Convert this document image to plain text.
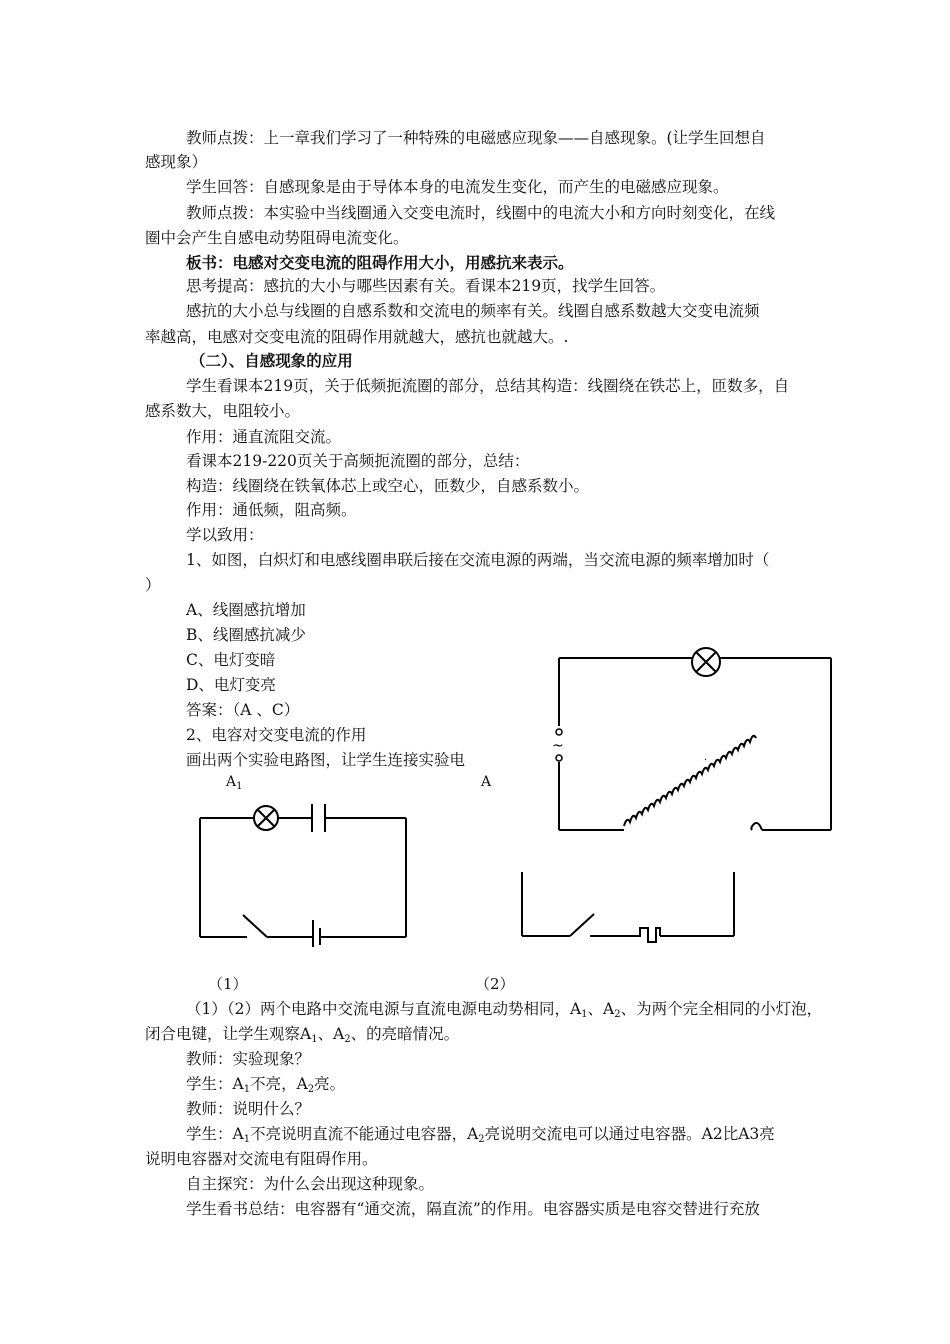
教师点拨：上一章我们学习了一种特殊的电磁感应现象——自感现象。(让学生回想自
感现象）
学生回答：自感现象是由于导体本身的电流发生变化，而产生的电磁感应现象。
教师点拨：本实验中当线圈通入交变电流时，线圈中的电流大小和方向时刻变化，在线
圈中会产生自感电动势阻碍电流变化。
板书：电感对交变电流的阻碍作用大小，用感抗来表示。
思考提高：感抗的大小与哪些因素有关。看课本219页，找学生回答。
感抗的大小总与线圈的自感系数和交流电的频率有关。线圈自感系数越大交变电流频
率越高，电感对交变电流的阻碍作用就越大，感抗也就越大。.
（二）、自感现象的应用
学生看课本219页，关于低频扼流圈的部分，总结其构造：线圈绕在铁芯上，匝数多，自
感系数大，电阻较小。
作用：通直流阻交流。
看课本219-220页关于高频扼流圈的部分，总结：
构造：线圈绕在铁氧体芯上或空心，匝数少，自感系数小。
作用：通低频，阻高频。
学以致用：
1、如图，白炽灯和电感线圈串联后接在交流电源的两端，当交流电源的频率增加时（
）
A、线圈感抗增加
B、线圈感抗减少
C、电灯变暗
D、电灯变亮
答案：（A 、C）
2、电容对交变电流的作用
画出两个实验电路图，让学生连接实验电
$A_1$	A
~
.
（1）	（2）
（1）（2）两个电路中交流电源与直流电源电动势相同，$A_1$、$A_2$、为两个完全相同的小灯泡，
闭合电键，让学生观察$A_1$、$A_2$、的亮暗情况。
教师：实验现象？
学生：$A_1$不亮，$A_2$亮。
教师：说明什么？
学生：$A_1$不亮说明直流不能通过电容器，$A_2$亮说明交流电可以通过电容器。A2比A3亮
说明电容器对交流电有阻碍作用。
自主探究：为什么会出现这种现象。
学生看书总结：电容器有“通交流，隔直流”的作用。电容器实质是电容交替进行充放
